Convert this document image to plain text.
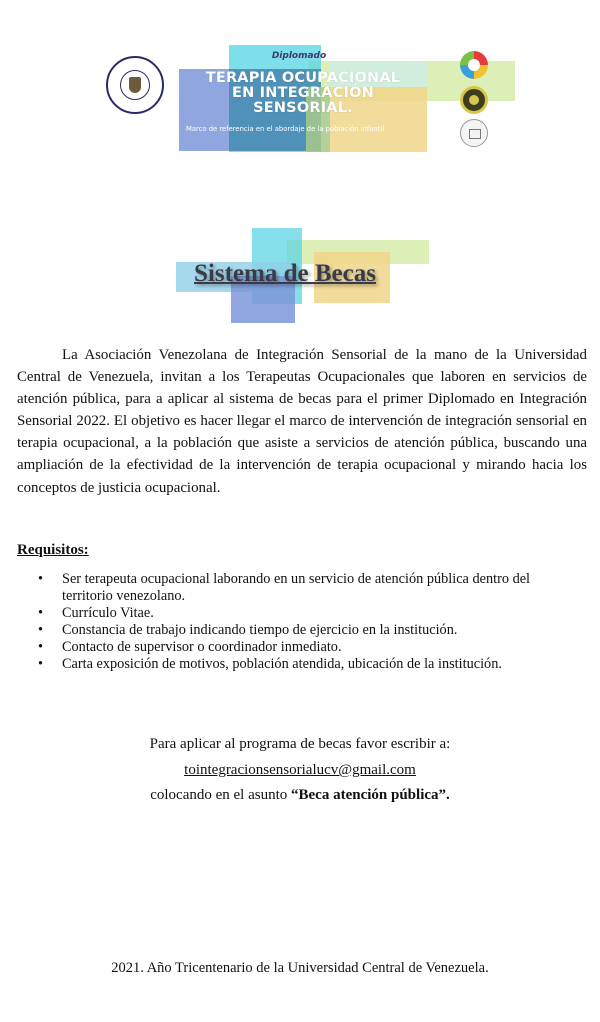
Diplomado
TERAPIA OCUPACIONAL
EN INTEGRACIÓN
SENSORIAL.
Marco de referencia en el abordaje de la población infantil
Sistema de Becas

La Asociación Venezolana de Integración Sensorial de la mano de la Universidad Central de Venezuela, invitan a los Terapeutas Ocupacionales que laboren en servicios de atención pública, para a aplicar al sistema de becas para el primer Diplomado en Integración Sensorial 2022. El objetivo es hacer llegar el marco de intervención de integración sensorial en terapia ocupacional, a la población que asiste a servicios de atención pública, buscando una ampliación de la efectividad de la intervención de terapia ocupacional y mirando hacia los conceptos de justicia ocupacional.

Requisitos:
• Ser terapeuta ocupacional laborando en un servicio de atención pública dentro del territorio venezolano.
• Currículo Vitae.
• Constancia de trabajo indicando tiempo de ejercicio en la institución.
• Contacto de supervisor o coordinador inmediato.
• Carta exposición de motivos, población atendida, ubicación de la institución.
Para aplicar al programa de becas favor escribir a:
tointegracionsensorialucv@gmail.com
colocando en el asunto “Beca atención pública”.
2021. Año Tricentenario de la Universidad Central de Venezuela.
